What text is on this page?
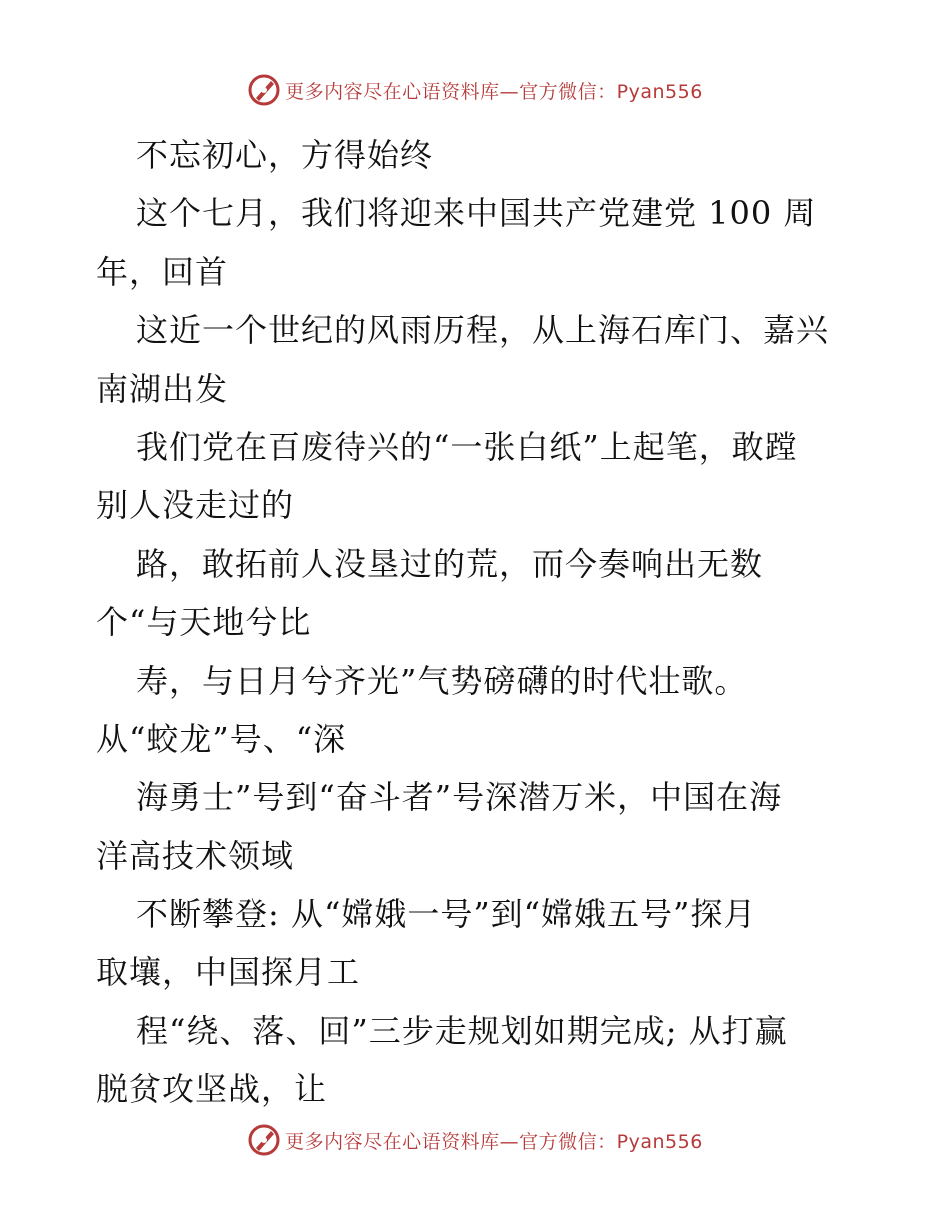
更多内容尽在心语资料库—官方微信：Pyan556
不忘初心，方得始终
这个七月，我们将迎来中国共产党建党 100 周
年，回首
这近一个世纪的风雨历程，从上海石库门、嘉兴
南湖出发
我们党在百废待兴的“一张白纸”上起笔，敢蹚
别人没走过的
路，敢拓前人没垦过的荒，而今奏响出无数
个“与天地兮比
寿，与日月兮齐光”气势磅礴的时代壮歌。
从“蛟龙”号、“深
海勇士”号到“奋斗者”号深潜万米，中国在海
洋高技术领域
不断攀登: 从“嫦娥一号”到“嫦娥五号”探月
取壤，中国探月工
程“绕、落、回”三步走规划如期完成; 从打赢
脱贫攻坚战，让
更多内容尽在心语资料库—官方微信：Pyan556
